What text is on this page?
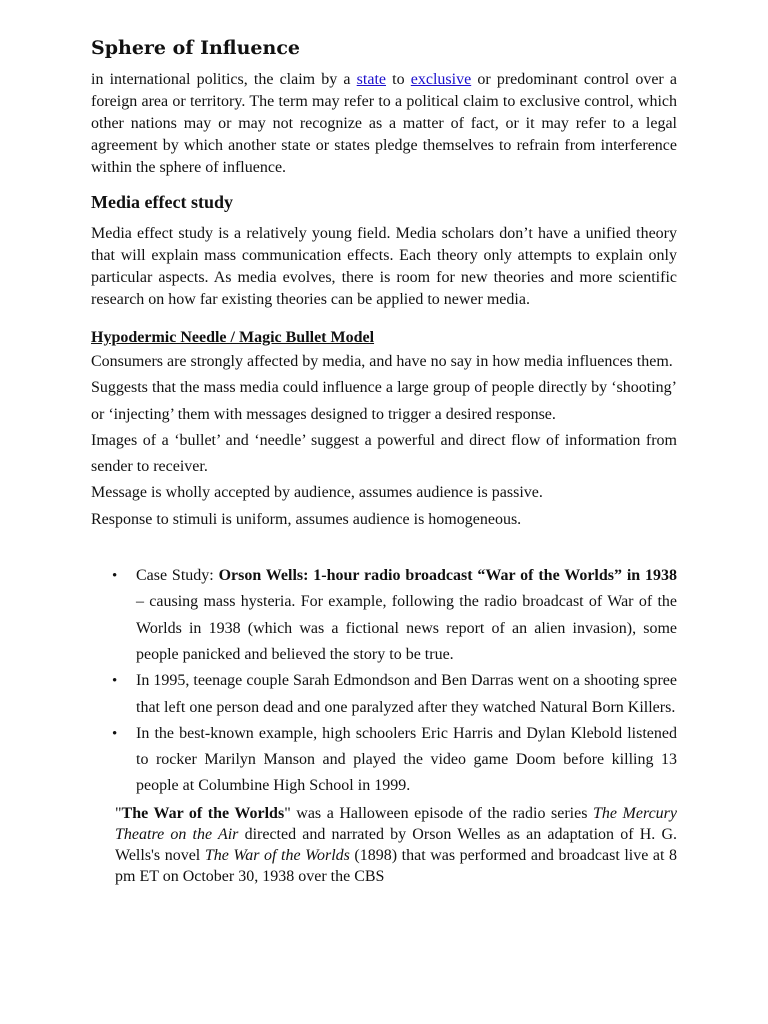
Sphere of Influence

in international politics, the claim by a state to exclusive or predominant control over a foreign area or territory. The term may refer to a political claim to exclusive control, which other nations may or may not recognize as a matter of fact, or it may refer to a legal agreement by which another state or states pledge themselves to refrain from interference within the sphere of influence.

Media effect study

Media effect study is a relatively young field. Media scholars don’t have a unified theory that will explain mass communication effects. Each theory only attempts to explain only particular aspects. As media evolves, there is room for new theories and more scientific research on how far existing theories can be applied to newer media.

Hypodermic Needle / Magic Bullet Model

Consumers are strongly affected by media, and have no say in how media influences them.

Suggests that the mass media could influence a large group of people directly by ‘shooting’ or ‘injecting’ them with messages designed to trigger a desired response.

Images of a ‘bullet’ and ‘needle’ suggest a powerful and direct flow of information from sender to receiver.

Message is wholly accepted by audience, assumes audience is passive.

Response to stimuli is uniform, assumes audience is homogeneous.

• Case Study: Orson Wells: 1-hour radio broadcast “War of the Worlds” in 1938 – causing mass hysteria. For example, following the radio broadcast of War of the Worlds in 1938 (which was a fictional news report of an alien invasion), some people panicked and believed the story to be true.
• In 1995, teenage couple Sarah Edmondson and Ben Darras went on a shooting spree that left one person dead and one paralyzed after they watched Natural Born Killers.
• In the best-known example, high schoolers Eric Harris and Dylan Klebold listened to rocker Marilyn Manson and played the video game Doom before killing 13 people at Columbine High School in 1999.

"The War of the Worlds" was a Halloween episode of the radio series The Mercury Theatre on the Air directed and narrated by Orson Welles as an adaptation of H. G. Wells's novel The War of the Worlds (1898) that was performed and broadcast live at 8 pm ET on October 30, 1938 over the CBS
